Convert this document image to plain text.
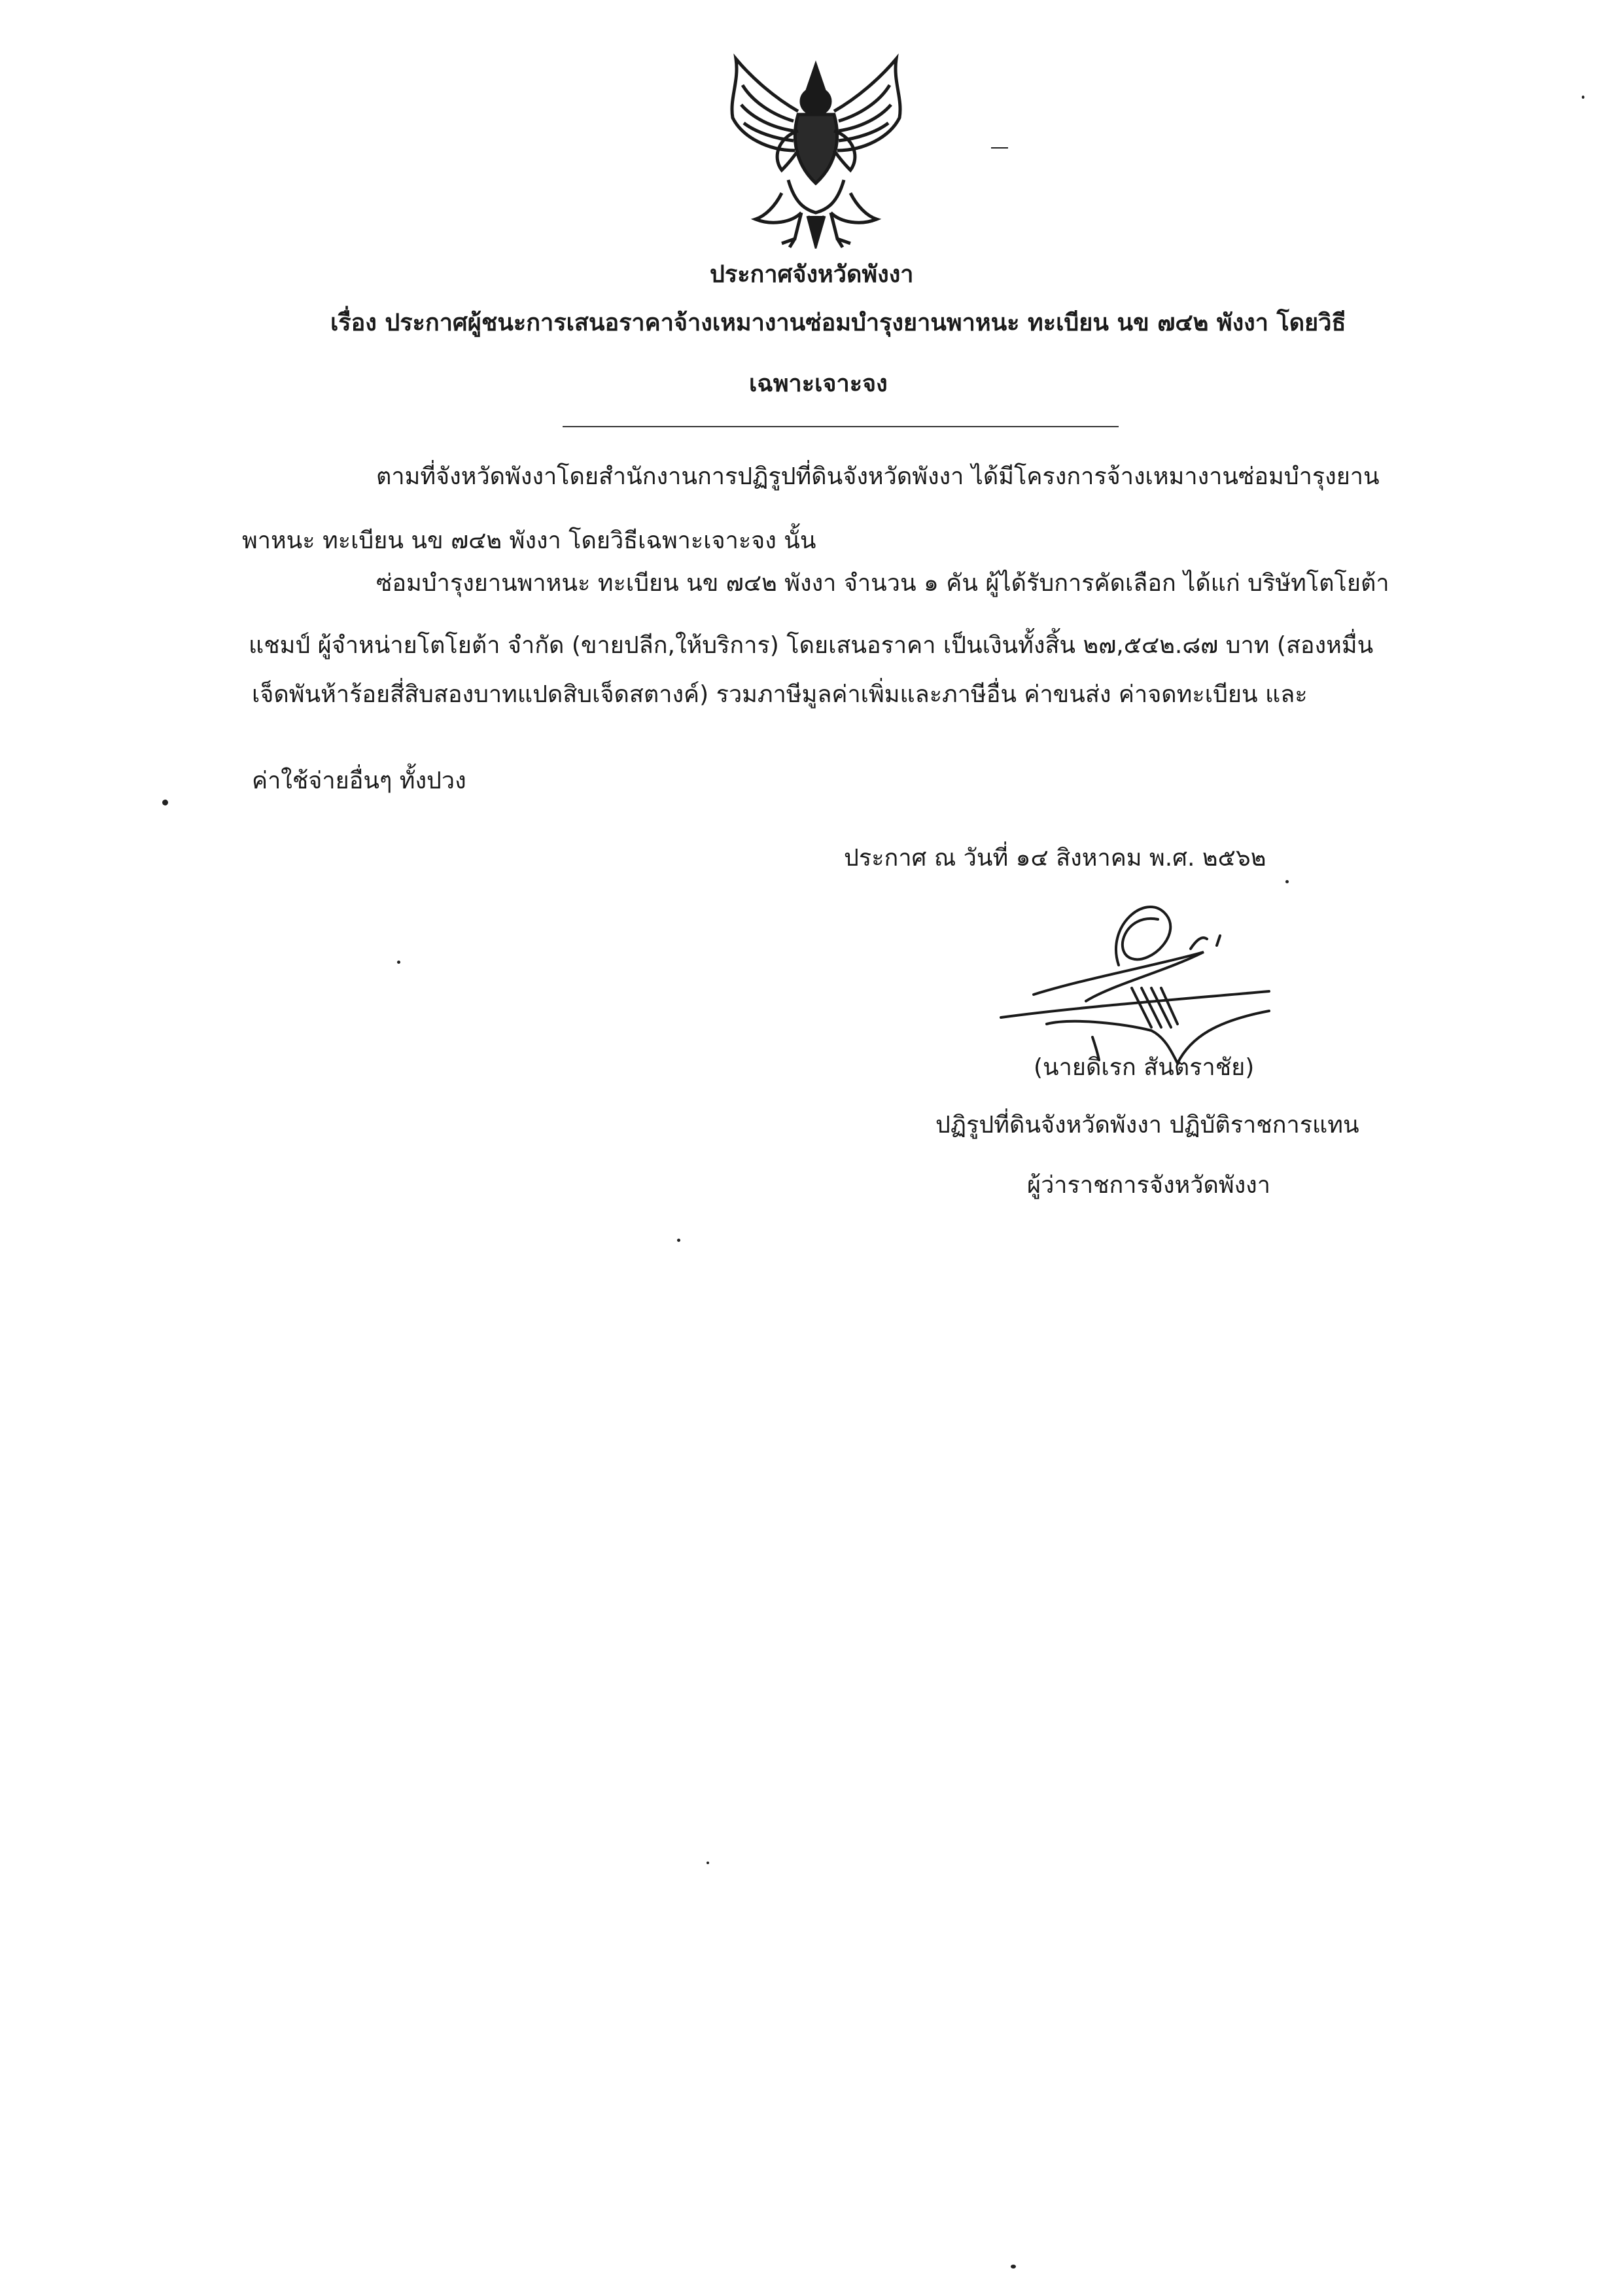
ประกาศจังหวัดพังงา
เรื่อง ประกาศผู้ชนะการเสนอราคาจ้างเหมางานซ่อมบำรุงยานพาหนะ ทะเบียน นข ๗๔๒ พังงา โดยวิธี
เฉพาะเจาะจง
ตามที่จังหวัดพังงาโดยสำนักงานการปฏิรูปที่ดินจังหวัดพังงา ได้มีโครงการจ้างเหมางานซ่อมบำรุงยาน
พาหนะ ทะเบียน นข ๗๔๒ พังงา โดยวิธีเฉพาะเจาะจง นั้น
ซ่อมบำรุงยานพาหนะ ทะเบียน นข ๗๔๒ พังงา จำนวน ๑ คัน ผู้ได้รับการคัดเลือก ได้แก่ บริษัทโตโยต้า
แชมป์ ผู้จำหน่ายโตโยต้า จำกัด (ขายปลีก,ให้บริการ) โดยเสนอราคา เป็นเงินทั้งสิ้น ๒๗,๕๔๒.๘๗ บาท (สองหมื่น
เจ็ดพันห้าร้อยสี่สิบสองบาทแปดสิบเจ็ดสตางค์) รวมภาษีมูลค่าเพิ่มและภาษีอื่น ค่าขนส่ง ค่าจดทะเบียน และ
ค่าใช้จ่ายอื่นๆ ทั้งปวง
ประกาศ ณ วันที่ ๑๔ สิงหาคม พ.ศ. ๒๕๖๒
(นายดิเรก สันตราชัย)
ปฏิรูปที่ดินจังหวัดพังงา ปฏิบัติราชการแทน
ผู้ว่าราชการจังหวัดพังงา
